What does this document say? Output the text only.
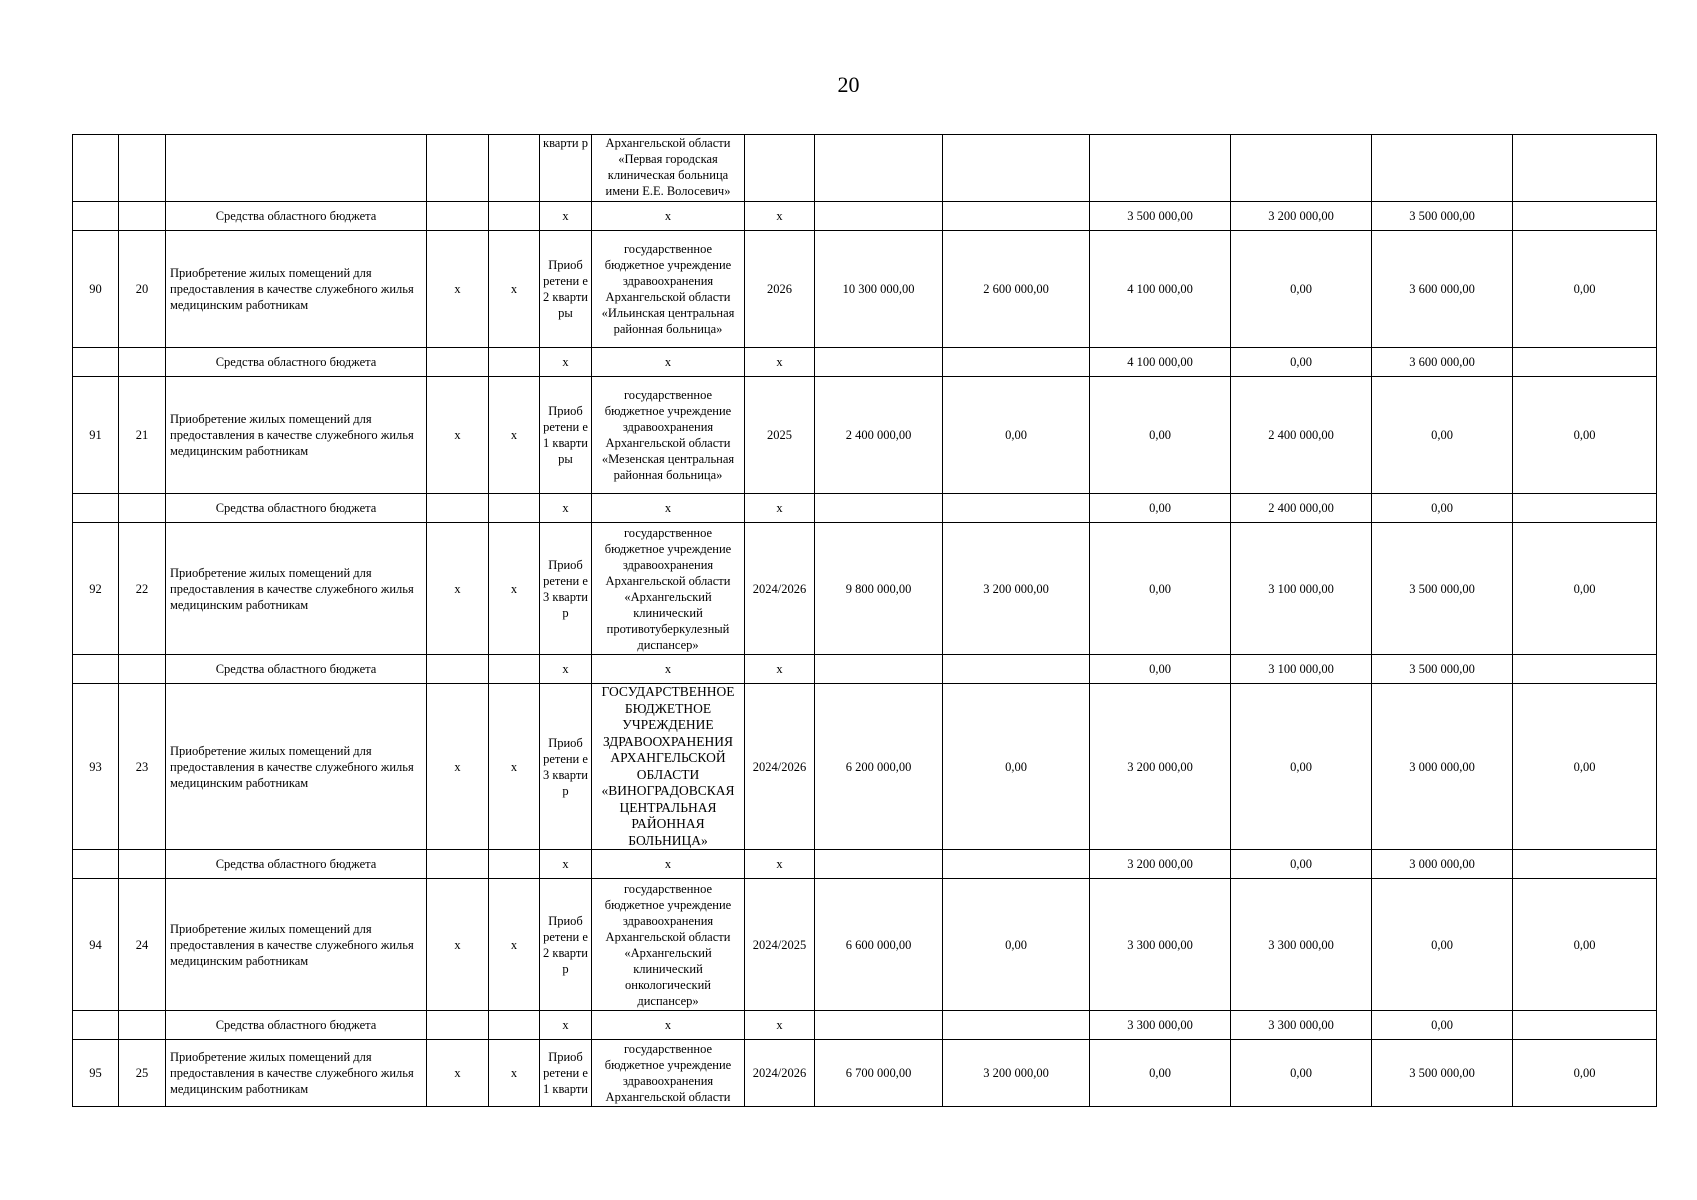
20
					кварти р	Архангельской области «Первая городская клиническая больница имени Е.Е. Волосевич»							
		Средства областного бюджета			х	х	х			3 500 000,00	3 200 000,00	3 500 000,00	
90	20	Приобретение жилых помещений для предоставления в качестве служебного жилья медицинским работникам	х	х	Приоб ретени е 2 кварти ры	государственное бюджетное учреждение здравоохранения Архангельской области «Ильинская центральная районная больница»	2026	10 300 000,00	2 600 000,00	4 100 000,00	0,00	3 600 000,00	0,00
		Средства областного бюджета			х	х	х			4 100 000,00	0,00	3 600 000,00	
91	21	Приобретение жилых помещений для предоставления в качестве служебного жилья медицинским работникам	х	х	Приоб ретени е 1 кварти ры	государственное бюджетное учреждение здравоохранения Архангельской области «Мезенская центральная районная больница»	2025	2 400 000,00	0,00	0,00	2 400 000,00	0,00	0,00
		Средства областного бюджета			х	х	х			0,00	2 400 000,00	0,00	
92	22	Приобретение жилых помещений для предоставления в качестве служебного жилья медицинским работникам	х	х	Приоб ретени е 3 кварти р	государственное бюджетное учреждение здравоохранения Архангельской области «Архангельский клинический противотуберкулезный диспансер»	2024/2026	9 800 000,00	3 200 000,00	0,00	3 100 000,00	3 500 000,00	0,00
		Средства областного бюджета			х	х	х			0,00	3 100 000,00	3 500 000,00	
93	23	Приобретение жилых помещений для предоставления в качестве служебного жилья медицинским работникам	х	х	Приоб ретени е 3 кварти р	ГОСУДАРСТВЕННОЕ БЮДЖЕТНОЕ УЧРЕЖДЕНИЕ ЗДРАВООХРАНЕНИЯ АРХАНГЕЛЬСКОЙ ОБЛАСТИ «ВИНОГРАДОВСКАЯ ЦЕНТРАЛЬНАЯ РАЙОННАЯ БОЛЬНИЦА»	2024/2026	6 200 000,00	0,00	3 200 000,00	0,00	3 000 000,00	0,00
		Средства областного бюджета			х	х	х			3 200 000,00	0,00	3 000 000,00	
94	24	Приобретение жилых помещений для предоставления в качестве служебного жилья медицинским работникам	х	х	Приоб ретени е 2 кварти р	государственное бюджетное учреждение здравоохранения Архангельской области «Архангельский клинический онкологический диспансер»	2024/2025	6 600 000,00	0,00	3 300 000,00	3 300 000,00	0,00	0,00
		Средства областного бюджета			х	х	х			3 300 000,00	3 300 000,00	0,00	
95	25	Приобретение жилых помещений для предоставления в качестве служебного жилья медицинским работникам	х	х	Приоб ретени е 1 кварти	государственное бюджетное учреждение здравоохранения Архангельской области	2024/2026	6 700 000,00	3 200 000,00	0,00	0,00	3 500 000,00	0,00
